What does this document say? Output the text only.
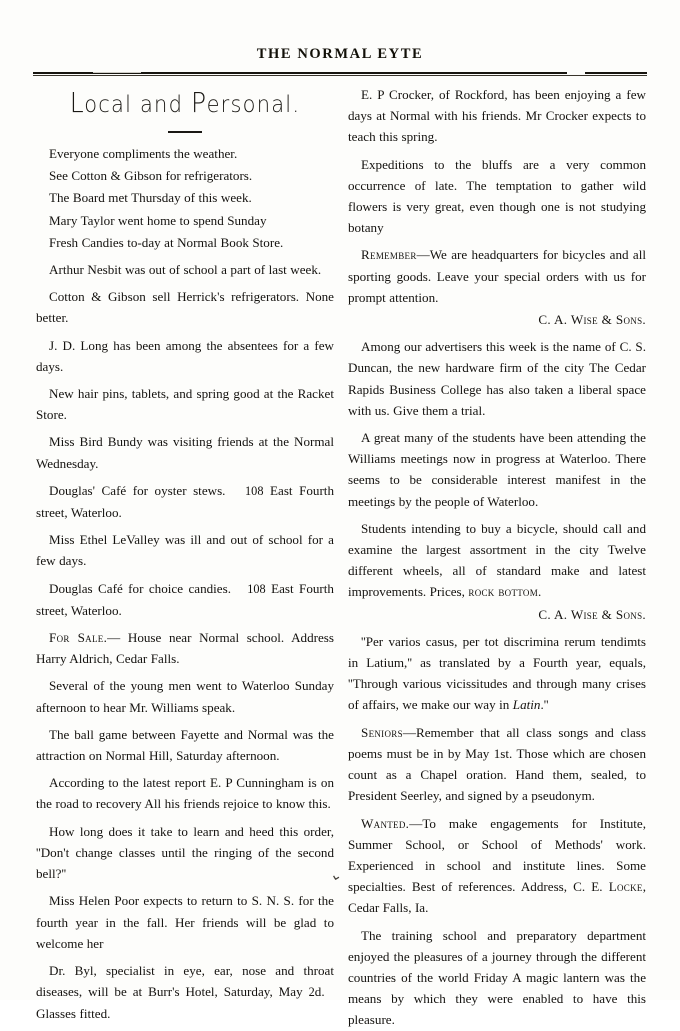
THE NORMAL EYTE
Local and Personal.

Everyone compliments the weather.

See Cotton & Gibson for refrigerators.

The Board met Thursday of this week.

Mary Taylor went home to spend Sunday

Fresh Candies to-day at Normal Book Store.

Arthur Nesbit was out of school a part of last week.

Cotton & Gibson sell Herrick's refrigerators. None better.

J. D. Long has been among the absentees for a few days.

New hair pins, tablets, and spring good at the Racket Store.

Miss Bird Bundy was visiting friends at the Normal Wednesday.

Douglas' Café for oyster stews.   108 East Fourth street, Waterloo.

Miss Ethel LeValley was ill and out of school for a few days.

Douglas Café for choice candies.   108 East Fourth street, Waterloo.

For Sale.— House near Normal school. Address Harry Aldrich, Cedar Falls.

Several of the young men went to Waterloo Sunday afternoon to hear Mr. Williams speak.

The ball game between Fayette and Normal was the attraction on Normal Hill, Saturday afternoon.

According to the latest report E. P Cunningham is on the road to recovery All his friends rejoice to know this.

How long does it take to learn and heed this order, ''Don't change classes until the ringing of the second bell?''

Miss Helen Poor expects to return to S. N. S. for the fourth year in the fall. Her friends will be glad to welcome her

Dr. Byl, specialist in eye, ear, nose and throat diseases, will be at Burr's Hotel, Saturday, May 2d.   Glasses fitted.

E. P Crocker, of Rockford, has been enjoying a few days at Normal with his friends. Mr Crocker expects to teach this spring.

Expeditions to the bluffs are a very common occurrence of late. The temptation to gather wild flowers is very great, even though one is not studying botany

Remember—We are headquarters for bicycles and all sporting goods. Leave your special orders with us for prompt attention.
C. A. Wise & Sons.

Among our advertisers this week is the name of C. S. Duncan, the new hardware firm of the city The Cedar Rapids Business College has also taken a liberal space with us. Give them a trial.

A great many of the students have been attending the Williams meetings now in progress at Waterloo. There seems to be considerable interest manifest in the meetings by the people of Waterloo.

Students intending to buy a bicycle, should call and examine the largest assortment in the city Twelve different wheels, all of standard make and latest improvements. Prices, rock bottom.
C. A. Wise & Sons.

''Per varios casus, per tot discrimina rerum tendimts in Latium,'' as translated by a Fourth year, equals, ''Through various vicissitudes and through many crises of affairs, we make our way in Latin.''

Seniors—Remember that all class songs and class poems must be in by May 1st. Those which are chosen count as a Chapel oration. Hand them, sealed, to President Seerley, and signed by a pseudonym.

Wanted.—To make engagements for Institute, Summer School, or School of Methods' work. Experienced in school and institute lines. Some specialties. Best of references. Address, C. E. Locke, Cedar Falls, Ia.

The training school and preparatory department enjoyed the pleasures of a journey through the different countries of the world Friday A magic lantern was the means by which they were enabled to have this pleasure.

⌄
